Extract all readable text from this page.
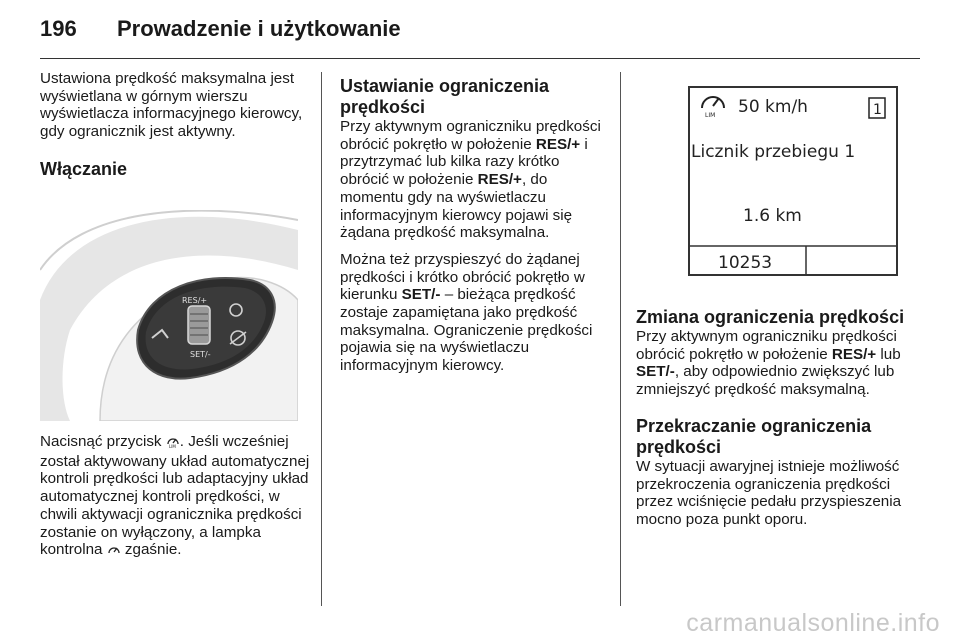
196 Prowadzenie i użytkowanie

Ustawiona prędkość maksymalna jest wyświetlana w górnym wierszu wyświetlacza informacyjnego kierowcy, gdy ogranicznik jest aktywny.

Włączanie
RES/+
SET/-

Nacisnąć przycisk LIM . Jeśli wcześniej został aktywowany układ automatycznej kontroli prędkości lub adaptacyjny układ automatycznej kontroli prędkości, w chwili aktywacji ogranicznika prędkości zostanie on wyłączony, a lampka kontrolna  zgaśnie.

Ustawianie ograniczenia prędkości

Przy aktywnym ograniczniku prędkości obrócić pokrętło w położenie RES/+ i przytrzymać lub kilka razy krótko obrócić w położenie RES/+, do momentu gdy na wyświetlaczu informacyjnym kierowcy pojawi się żądana prędkość maksymalna.

Można też przyspieszyć do żądanej prędkości i krótko obrócić pokrętło w kierunku SET/- – bieżąca prędkość zostaje zapamiętana jako prędkość maksymalna. Ograniczenie prędkości pojawia się na wyświetlaczu informacyjnym kierowcy.

LIM 50 km/h	1
Licznik przebiegu 1
1.6 km
10253
Zmiana ograniczenia prędkości

Przy aktywnym ograniczniku prędkości obrócić pokrętło w położenie RES/+ lub SET/-, aby odpowiednio zwiększyć lub zmniejszyć prędkość maksymalną.

Przekraczanie ograniczenia prędkości

W sytuacji awaryjnej istnieje możliwość przekroczenia ograniczenia prędkości przez wciśnięcie pedału przyspieszenia mocno poza punkt oporu.

carmanualsonline.info
